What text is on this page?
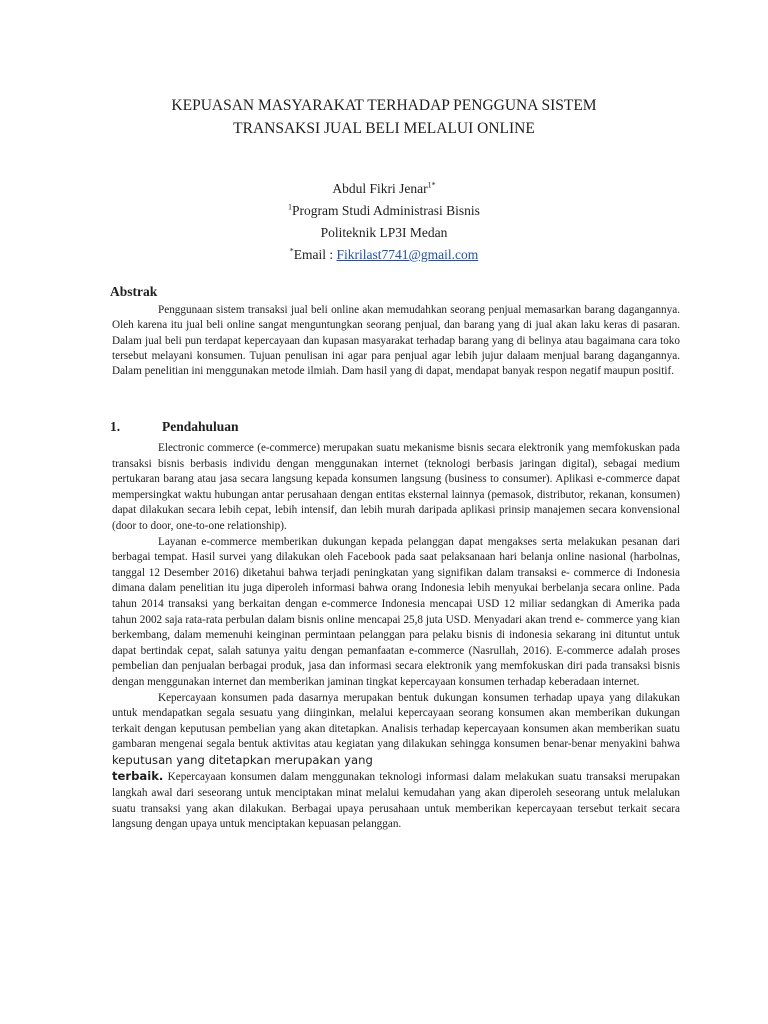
KEPUASAN MASYARAKAT TERHADAP PENGGUNA SISTEM
TRANSAKSI JUAL BELI MELALUI ONLINE
Abdul Fikri Jenar$^{1*}$
$^1$Program Studi Administrasi Bisnis
Politeknik LP3I Medan
*Email : Fikrilast7741@gmail.com
Abstrak

Penggunaan sistem transaksi jual beli online akan memudahkan seorang penjual memasarkan barang dagangannya. Oleh karena itu jual beli online sangat menguntungkan seorang penjual, dan barang yang di jual akan laku keras di pasaran. Dalam jual beli pun terdapat kepercayaan dan kupasan masyarakat terhadap barang yang di belinya atau bagaimana cara toko tersebut melayani konsumen. Tujuan penulisan ini agar para penjual agar lebih jujur dalaam menjual barang dagangannya. Dalam penelitian ini menggunakan metode ilmiah. Dam hasil yang di dapat, mendapat banyak respon negatif maupun positif.

1.	Pendahuluan

Electronic commerce (e-commerce) merupakan suatu mekanisme bisnis secara elektronik yang memfokuskan pada transaksi bisnis berbasis individu dengan menggunakan internet (teknologi berbasis jaringan digital), sebagai medium pertukaran barang atau jasa secara langsung kepada konsumen langsung (business to consumer). Aplikasi e-commerce dapat mempersingkat waktu hubungan antar perusahaan dengan entitas eksternal lainnya (pemasok, distributor, rekanan, konsumen) dapat dilakukan secara lebih cepat, lebih intensif, dan lebih murah daripada aplikasi prinsip manajemen secara konvensional (door to door, one-to-one relationship).

Layanan e-commerce memberikan dukungan kepada pelanggan dapat mengakses serta melakukan pesanan dari berbagai tempat. Hasil survei yang dilakukan oleh Facebook pada saat pelaksanaan hari belanja online nasional (harbolnas, tanggal 12 Desember 2016) diketahui bahwa terjadi peningkatan yang signifikan dalam transaksi e- commerce di Indonesia dimana dalam penelitian itu juga diperoleh informasi bahwa orang Indonesia lebih menyukai berbelanja secara online. Pada tahun 2014 transaksi yang berkaitan dengan e-commerce Indonesia mencapai USD 12 miliar sedangkan di Amerika pada tahun 2002 saja rata-rata perbulan dalam bisnis online mencapai 25,8 juta USD. Menyadari akan trend e- commerce yang kian berkembang, dalam memenuhi keinginan permintaan pelanggan para pelaku bisnis di indonesia sekarang ini dituntut untuk dapat bertindak cepat, salah satunya yaitu dengan pemanfaatan e-commerce (Nasrullah, 2016). E-commerce adalah proses pembelian dan penjualan berbagai produk, jasa dan informasi secara elektronik yang memfokuskan diri pada transaksi bisnis dengan menggunakan internet dan memberikan jaminan tingkat kepercayaan konsumen terhadap keberadaan internet.

Kepercayaan konsumen pada dasarnya merupakan bentuk dukungan konsumen terhadap upaya yang dilakukan untuk mendapatkan segala sesuatu yang diinginkan, melalui kepercayaan seorang konsumen akan memberikan dukungan terkait dengan keputusan pembelian yang akan ditetapkan. Analisis terhadap kepercayaan konsumen akan memberikan suatu gambaran mengenai segala bentuk aktivitas atau kegiatan yang dilakukan sehingga konsumen benar-benar menyakini bahwa keputusan yang ditetapkan merupakan yang
terbaik. Kepercayaan konsumen dalam menggunakan teknologi informasi dalam melakukan suatu transaksi merupakan langkah awal dari seseorang untuk menciptakan minat melalui kemudahan yang akan diperoleh seseorang untuk melalukan suatu transaksi yang akan dilakukan. Berbagai upaya perusahaan untuk memberikan kepercayaan tersebut terkait secara langsung dengan upaya untuk menciptakan kepuasan pelanggan.
